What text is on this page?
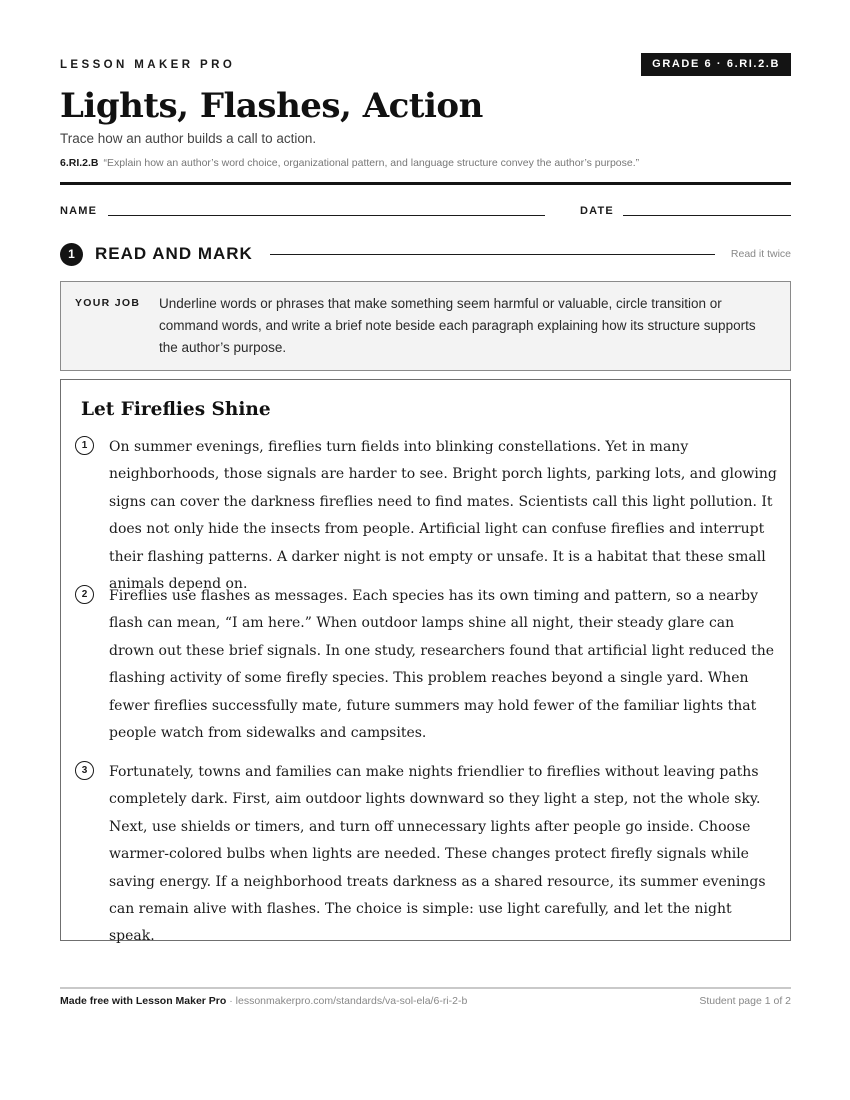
LESSON MAKER PRO	GRADE 6 · 6.RI.2.B
Lights, Flashes, Action
Trace how an author builds a call to action.
6.RI.2.B “Explain how an author’s word choice, organizational pattern, and language structure convey the author’s purpose.”
NAME	DATE
1	READ AND MARK	Read it twice
YOUR JOB Underline words or phrases that make something seem harmful or valuable, circle transition or command words, and write a brief note beside each paragraph explaining how its structure supports the author’s purpose.
Let Fireflies Shine
1	On summer evenings, fireflies turn fields into blinking constellations. Yet in many neighborhoods, those signals are harder to see. Bright porch lights, parking lots, and glowing signs can cover the darkness fireflies need to find mates. Scientists call this light pollution. It does not only hide the insects from people. Artificial light can confuse fireflies and interrupt their flashing patterns. A darker night is not empty or unsafe. It is a habitat that these small animals depend on.

2	Fireflies use flashes as messages. Each species has its own timing and pattern, so a nearby flash can mean, “I am here.” When outdoor lamps shine all night, their steady glare can drown out these brief signals. In one study, researchers found that artificial light reduced the flashing activity of some firefly species. This problem reaches beyond a single yard. When fewer fireflies successfully mate, future summers may hold fewer of the familiar lights that people watch from sidewalks and campsites.

3	Fortunately, towns and families can make nights friendlier to fireflies without leaving paths completely dark. First, aim outdoor lights downward so they light a step, not the whole sky. Next, use shields or timers, and turn off unnecessary lights after people go inside. Choose warmer-colored bulbs when lights are needed. These changes protect firefly signals while saving energy. If a neighborhood treats darkness as a shared resource, its summer evenings can remain alive with flashes. The choice is simple: use light carefully, and let the night speak.

Made free with Lesson Maker Pro · lessonmakerpro.com/standards/va-sol-ela/6-ri-2-b	Student page 1 of 2
